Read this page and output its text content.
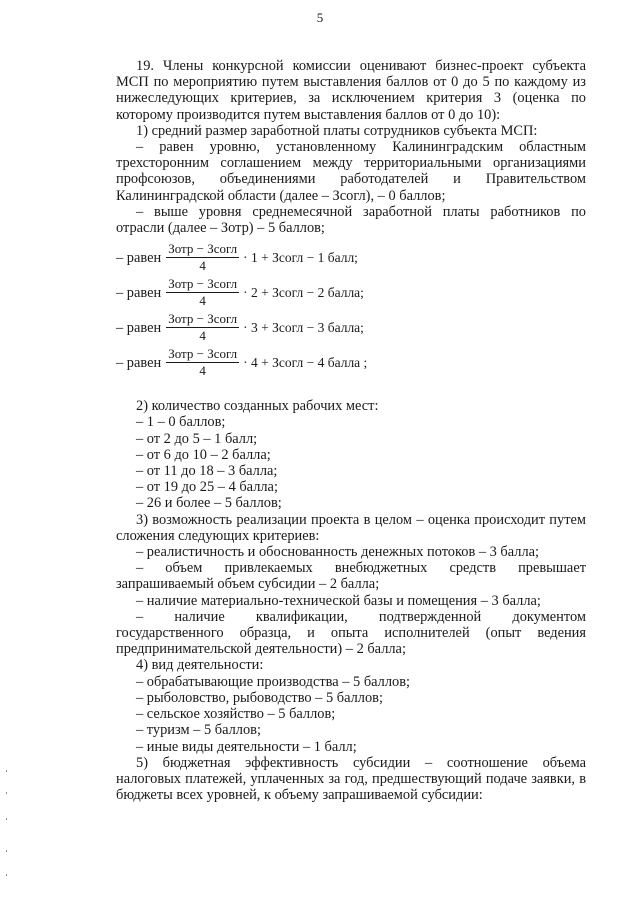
5

19. Члены конкурсной комиссии оценивают бизнес-проект субъекта МСП по мероприятию путем выставления баллов от 0 до 5 по каждому из нижеследующих критериев, за исключением критерия 3 (оценка по которому производится путем выставления баллов от 0 до 10):

1) средний размер заработной платы сотрудников субъекта МСП:

– равен уровню, установленному Калининградским областным трехсторонним соглашением между территориальными организациями профсоюзов, объединениями работодателей и Правительством Калининградской области (далее – Зсогл), – 0 баллов;

– выше уровня среднемесячной заработной платы работников по отрасли (далее – Зотр) – 5 баллов;

– равен $\frac{\text{Зотр − Зсогл}}{4} \cdot 1$ + Зсогл − 1 балл;
– равен $\frac{\text{Зотр − Зсогл}}{4} \cdot 2$ + Зсогл − 2 балла;
– равен $\frac{\text{Зотр − Зсогл}}{4} \cdot 3$ + Зсогл − 3 балла;
– равен $\frac{\text{Зотр − Зсогл}}{4} \cdot 4$ + Зсогл − 4 балла ;

2) количество созданных рабочих мест:

– 1 – 0 баллов;

– от 2 до 5 – 1 балл;

– от 6 до 10 – 2 балла;

– от 11 до 18 – 3 балла;

– от 19 до 25 – 4 балла;

– 26 и более – 5 баллов;

3) возможность реализации проекта в целом – оценка происходит путем сложения следующих критериев:

– реалистичность и обоснованность денежных потоков – 3 балла;

– объем привлекаемых внебюджетных средств превышает запрашиваемый объем субсидии – 2 балла;

– наличие материально-технической базы и помещения – 3 балла;

– наличие квалификации, подтвержденной документом государственного образца, и опыта исполнителей (опыт ведения предпринимательской деятельности) – 2 балла;

4) вид деятельности:

– обрабатывающие производства – 5 баллов;

– рыболовство, рыбоводство – 5 баллов;

– сельское хозяйство – 5 баллов;

– туризм – 5 баллов;

– иные виды деятельности – 1 балл;

5) бюджетная эффективность субсидии – соотношение объема налоговых платежей, уплаченных за год, предшествующий подаче заявки, в бюджеты всех уровней, к объему запрашиваемой субсидии:
